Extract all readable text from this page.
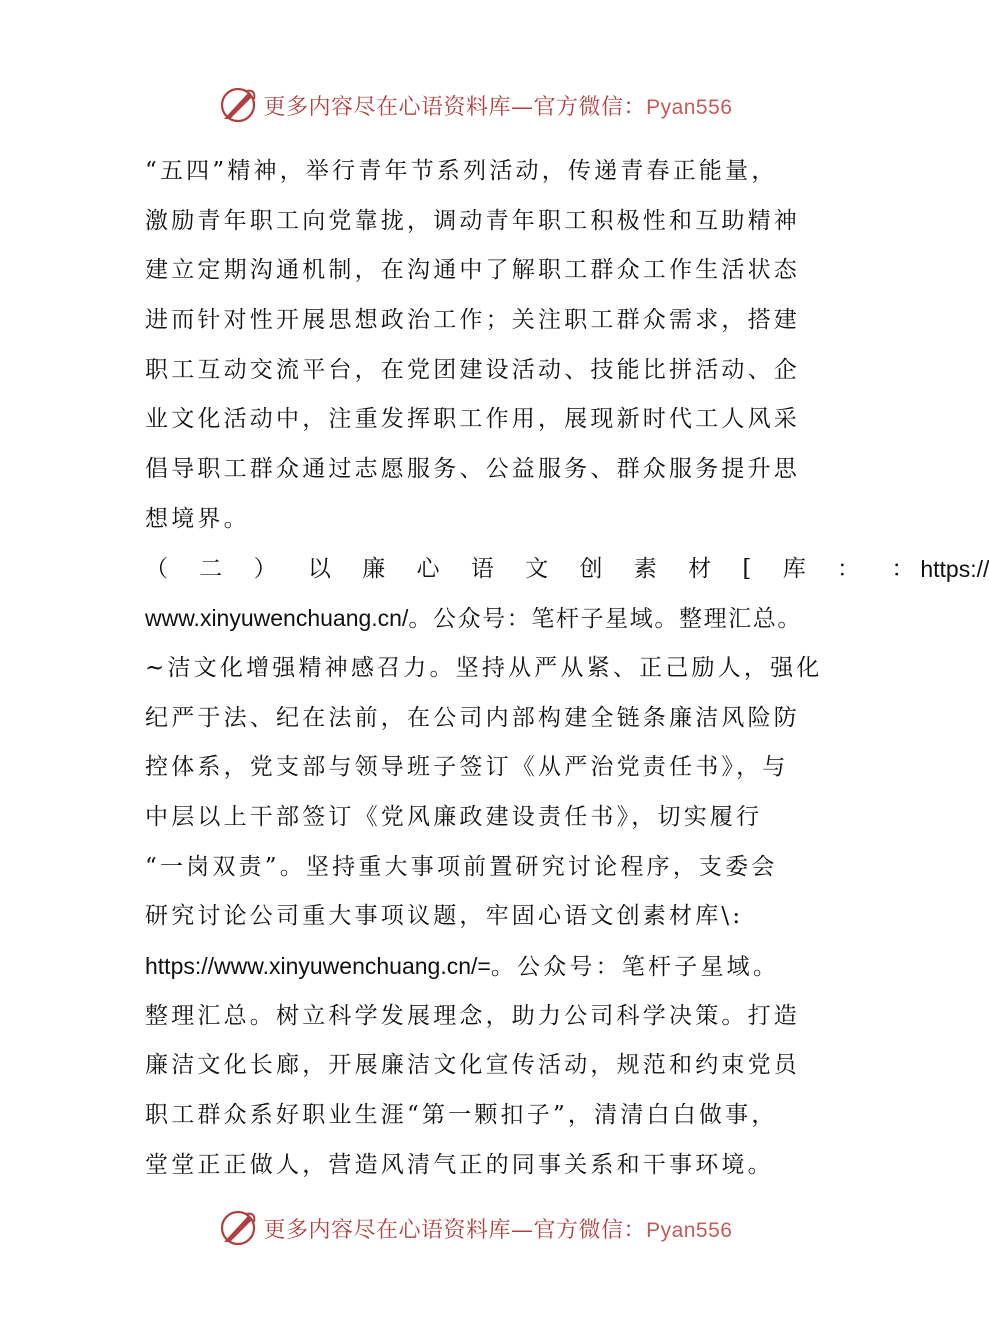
更多内容尽在心语资料库—官方微信：Pyan556
“五四”精神，举行青年节系列活动，传递青春正能量，
激励青年职工向党靠拢，调动青年职工积极性和互助精神
建立定期沟通机制，在沟通中了解职工群众工作生活状态
进而针对性开展思想政治工作；关注职工群众需求，搭建
职工互动交流平台，在党团建设活动、技能比拼活动、企
业文化活动中，注重发挥职工作用，展现新时代工人风采
倡导职工群众通过志愿服务、公益服务、群众服务提升思
想境界。
（ 二 ） 以 廉 心 语 文 创 素 材 [ 库 ： ： https://
www.xinyuwenchuang.cn/。公众号：笔杆子星域。整理汇总。
~洁文化增强精神感召力。坚持从严从紧、正己励人，强化
纪严于法、纪在法前，在公司内部构建全链条廉洁风险防
控体系，党支部与领导班子签订《从严治党责任书》，与
中层以上干部签订《党风廉政建设责任书》，切实履行
“一岗双责”。坚持重大事项前置研究讨论程序，支委会
研究讨论公司重大事项议题，牢固心语文创素材库\:
https://www.xinyuwenchuang.cn/=。公众号：笔杆子星域。
整理汇总。树立科学发展理念，助力公司科学决策。打造
廉洁文化长廊，开展廉洁文化宣传活动，规范和约束党员
职工群众系好职业生涯“第一颗扣子”，清清白白做事，
堂堂正正做人，营造风清气正的同事关系和干事环境。
更多内容尽在心语资料库—官方微信：Pyan556
